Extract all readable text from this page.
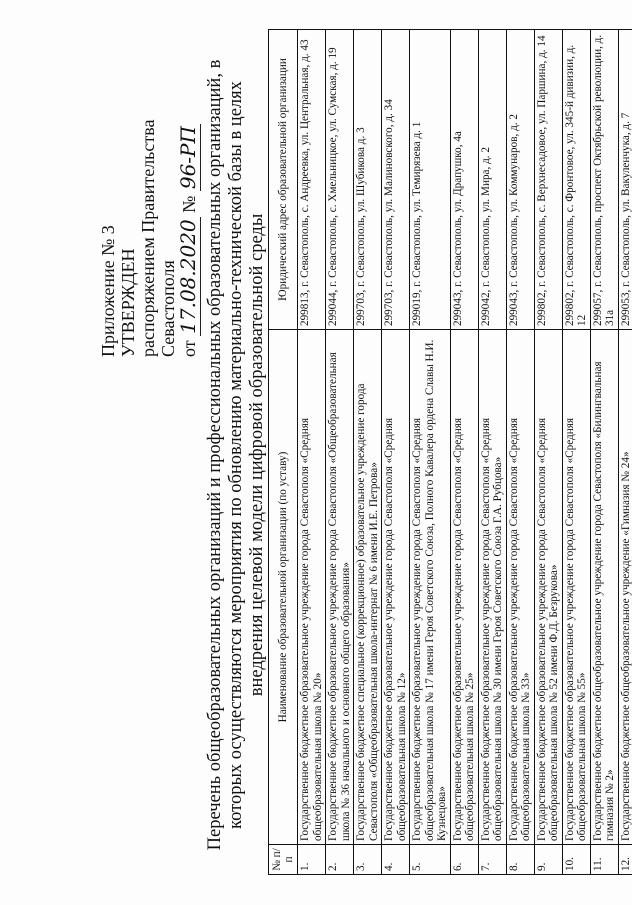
Приложение № 3 УТВЕРЖДЕН распоряжением Правительства Севастополя от 17.08.2020 № 96-РП Перечень общеобразовательных организаций и профессиональных образовательных организаций, в которых осуществляются мероприятия по обновлению материально-технической базы в целях внедрения целевой модели цифровой образовательной среды
№ п/п	Наименование образовательной организации (по уставу)	Юридический адрес образовательной организации
1.	Государственное бюджетное образовательное учреждение города Севастополя «Средняя общеобразовательная школа № 20»	299813, г. Севастополь, с. Андреевка, ул. Центральная, д. 43
2.	Государственное бюджетное образовательное учреждение города Севастополя «Общеобразовательная школа № 36 начального и основного общего образования»	299044, г. Севастополь, с. Хмельницкое, ул. Сумская, д. 19
3.	Государственное бюджетное специальное (коррекционное) образовательное учреждение города Севастополя «Общеобразовательная школа-интернат № 6 имени И.Е. Петрова»	299703, г. Севастополь, ул. Шубикова д. 3
4.	Государственное бюджетное образовательное учреждение города Севастополя «Средняя общеобразовательная школа № 12»	299703, г. Севастополь, ул. Малиновского, д. 34
5.	Государственное бюджетное образовательное учреждение города Севастополя «Средняя общеобразовательная школа № 17 имени Героя Советского Союза, Полного Кавалера ордена Славы Н.И. Кузнецова»	299019, г. Севастополь, ул. Темирязева д. 1
6.	Государственное бюджетное образовательное учреждение города Севастополя «Средняя общеобразовательная школа № 25»	299043, г. Севастополь, ул. Драпушко, 4а
7.	Государственное бюджетное образовательное учреждение города Севастополя «Средняя общеобразовательная школа № 30 имени Героя Советского Союза Г.А. Рубцова»	299042, г. Севастополь, ул. Мира, д. 2
8.	Государственное бюджетное образовательное учреждение города Севастополя «Средняя общеобразовательная школа № 33»	299043, г. Севастополь, ул. Коммунаров, д. 2
9.	Государственное бюджетное образовательное учреждение города Севастополя «Средняя общеобразовательная школа № 52 имени Ф.Д. Безрукова»	299802, г. Севастополь, с. Верхнесадовое, ул. Паршина, д. 14
10.	Государственное бюджетное образовательное учреждение города Севастополя «Средняя общеобразовательная школа № 55»	299802, г. Севастополь, с. Фронтовое, ул. 345-й дивизии, д. 12
11.	Государственное бюджетное общеобразовательное учреждение города Севастополя «Билингвальная гимназия № 2»	299057, г. Севастополь, проспект Октябрьской революции, д. 31а
12.	Государственное бюджетное общеобразовательное учреждение «Гимназия № 24»	299053, г. Севастополь, ул. Вакуленчука, д. 7
